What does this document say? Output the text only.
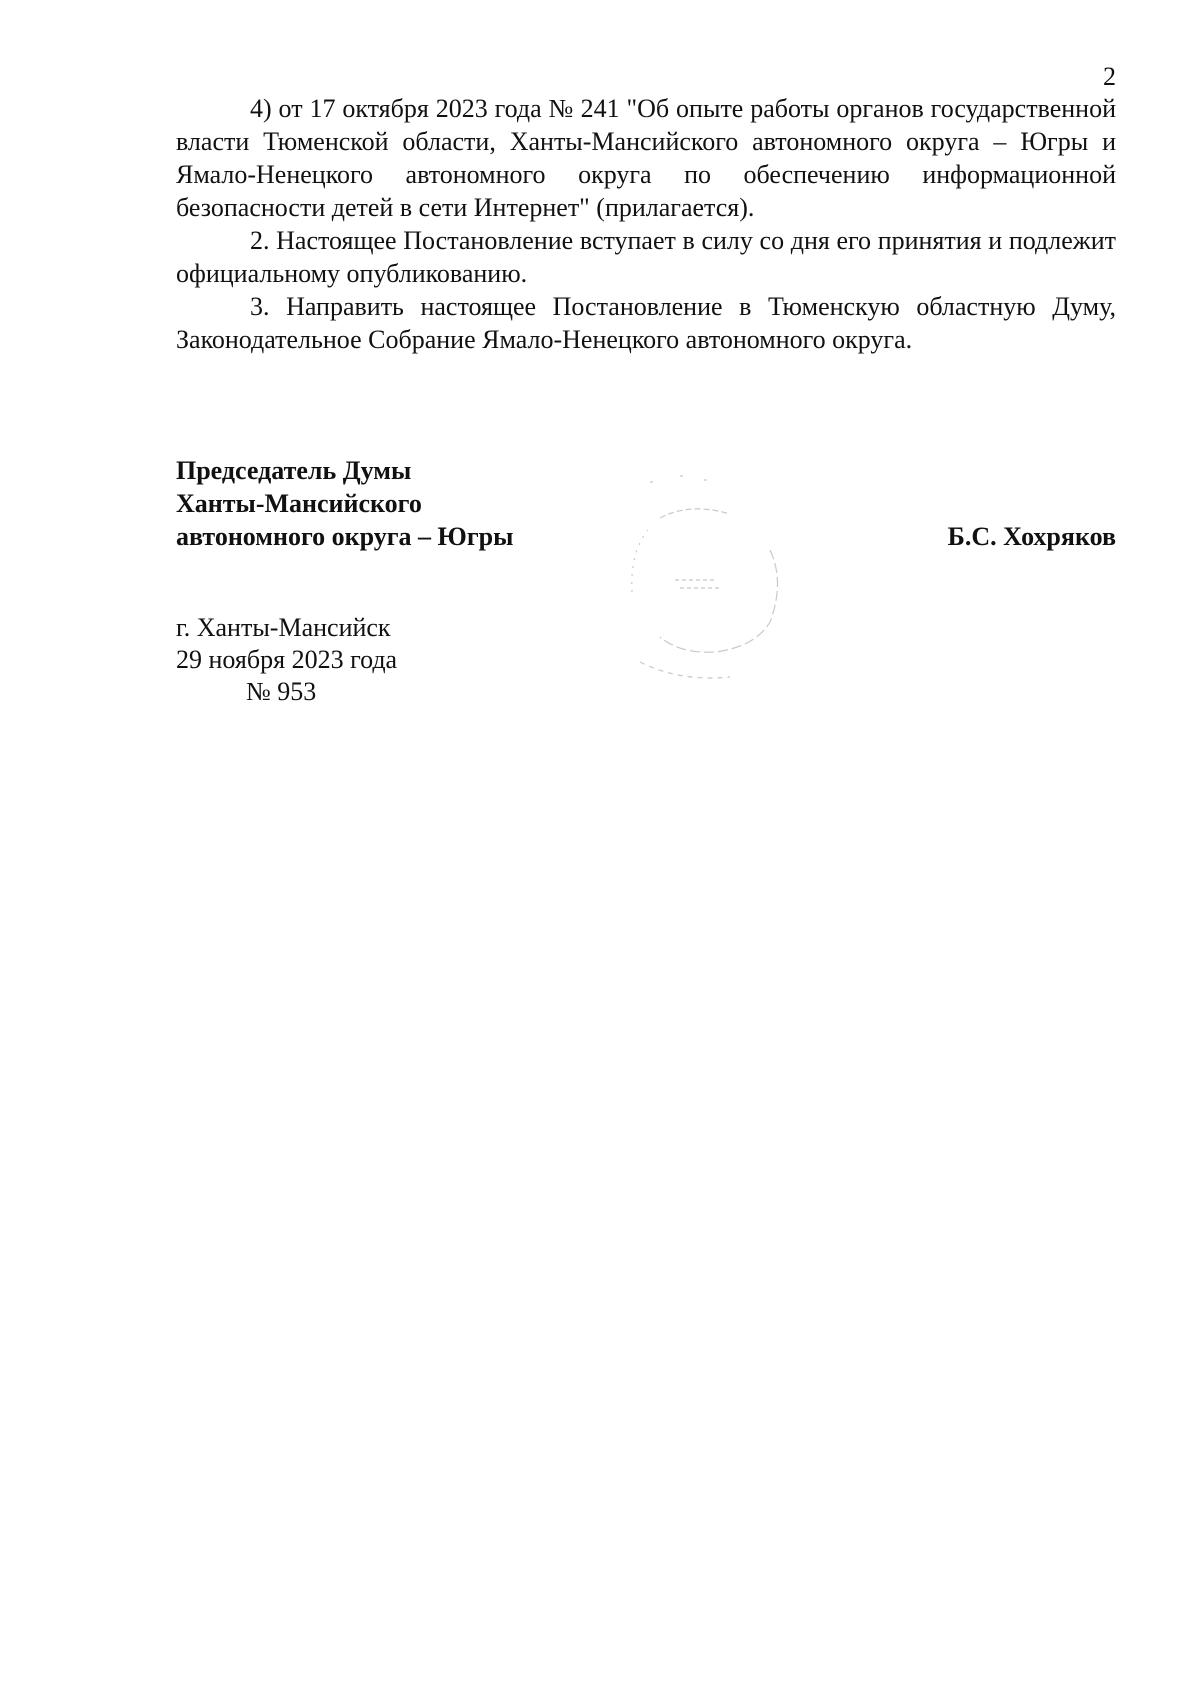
2

4) от 17 октября 2023 года № 241 "Об опыте работы органов государственной власти Тюменской области, Ханты-Мансийского автономного округа – Югры и Ямало-Ненецкого автономного округа по обеспечению информационной безопасности детей в сети Интернет" (прилагается).

2. Настоящее Постановление вступает в силу со дня его принятия и подлежит официальному опубликованию.

3. Направить настоящее Постановление в Тюменскую областную Думу, Законодательное Собрание Ямало-Ненецкого автономного округа.

Председатель Думы
Ханты-Мансийского
автономного округа – Югры	Б.С. Хохряков
г. Ханты-Мансийск
29 ноября 2023 года
№ 953
